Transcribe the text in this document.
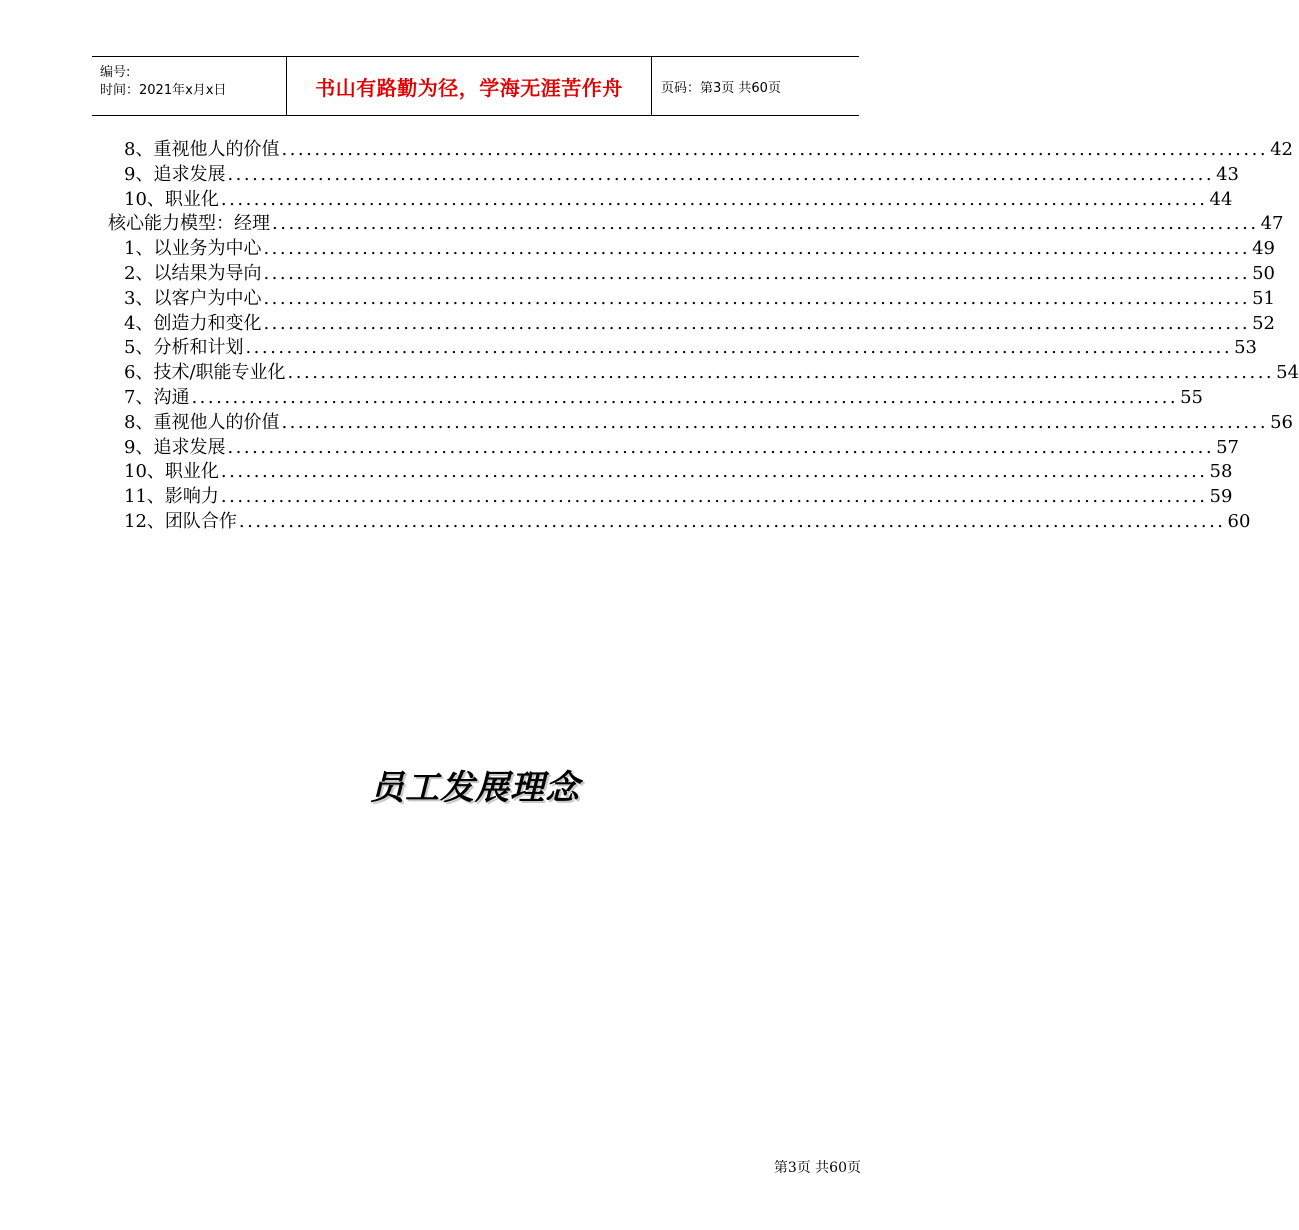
编号:
时间：2021年x月x日	书山有路勤为径，学海无涯苦作舟	页码：第3页 共60页
8、重视他人的价值 ........................................................................................................................ 42
9、追求发展 ........................................................................................................................ 43
10、职业化 ........................................................................................................................ 44
核心能力模型：经理 ........................................................................................................................ 47
1、以业务为中心 ........................................................................................................................ 49
2、以结果为导向 ........................................................................................................................ 50
3、以客户为中心 ........................................................................................................................ 51
4、创造力和变化 ........................................................................................................................ 52
5、分析和计划 ........................................................................................................................ 53
6、技术/职能专业化 ........................................................................................................................ 54
7、沟通 ........................................................................................................................ 55
8、重视他人的价值 ........................................................................................................................ 56
9、追求发展 ........................................................................................................................ 57
10、职业化 ........................................................................................................................ 58
11、影响力 ........................................................................................................................ 59
12、团队合作 ........................................................................................................................ 60
员工发展理念
第3页 共60页
